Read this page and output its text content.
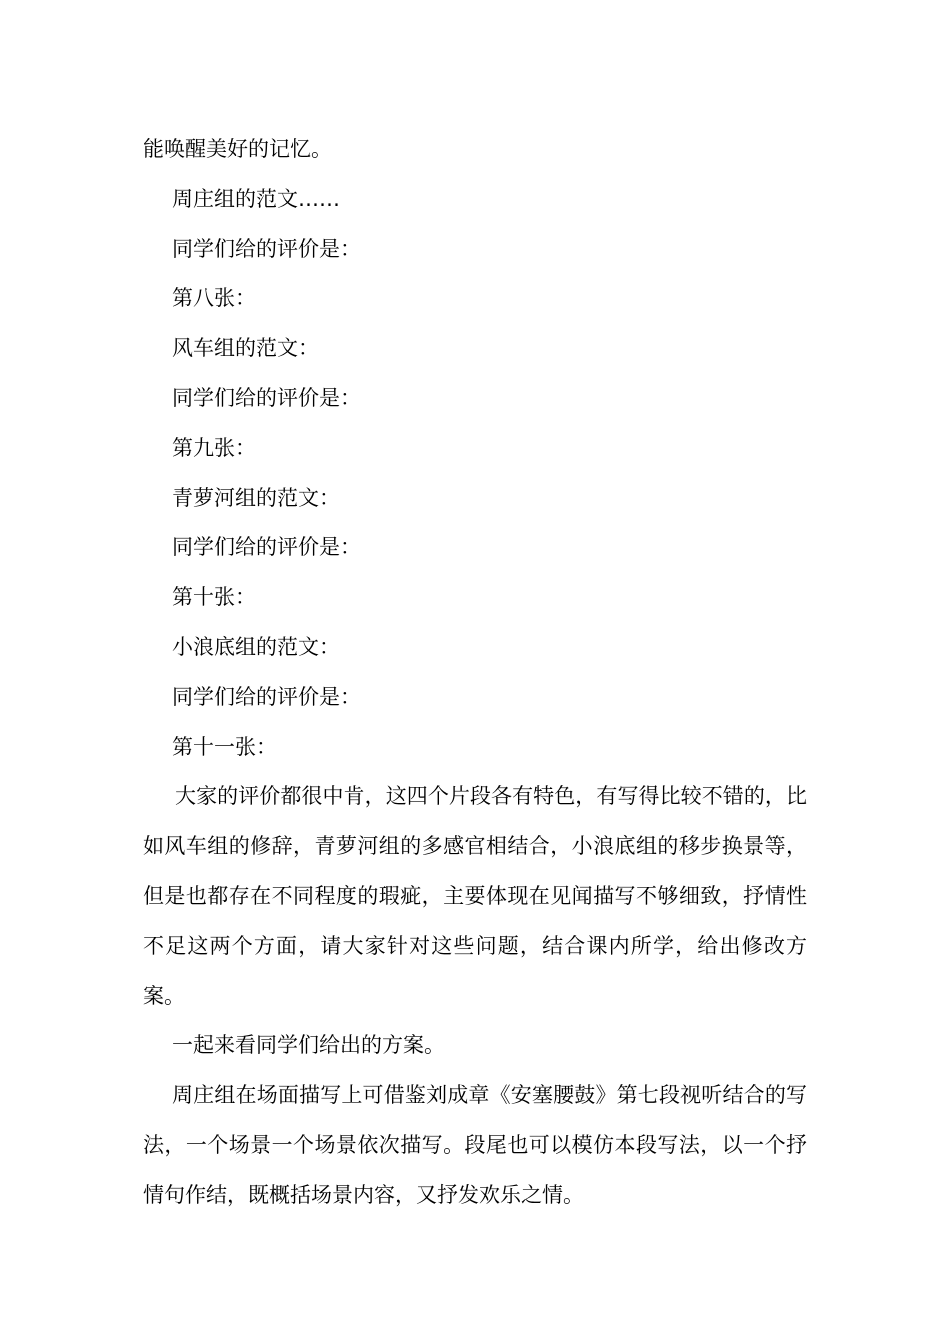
能唤醒美好的记忆。

周庄组的范文……

同学们给的评价是：

第八张：

风车组的范文：

同学们给的评价是：

第九张：

青萝河组的范文：

同学们给的评价是：

第十张：

小浪底组的范文：

同学们给的评价是：

第十一张：

大家的评价都很中肯，这四个片段各有特色，有写得比较不错的，比如风车组的修辞，青萝河组的多感官相结合，小浪底组的移步换景等，但是也都存在不同程度的瑕疵，主要体现在见闻描写不够细致，抒情性不足这两个方面，请大家针对这些问题，结合课内所学，给出修改方案。

一起来看同学们给出的方案。

周庄组在场面描写上可借鉴刘成章《安塞腰鼓》第七段视听结合的写法，一个场景一个场景依次描写。段尾也可以模仿本段写法，以一个抒情句作结，既概括场景内容，又抒发欢乐之情。
